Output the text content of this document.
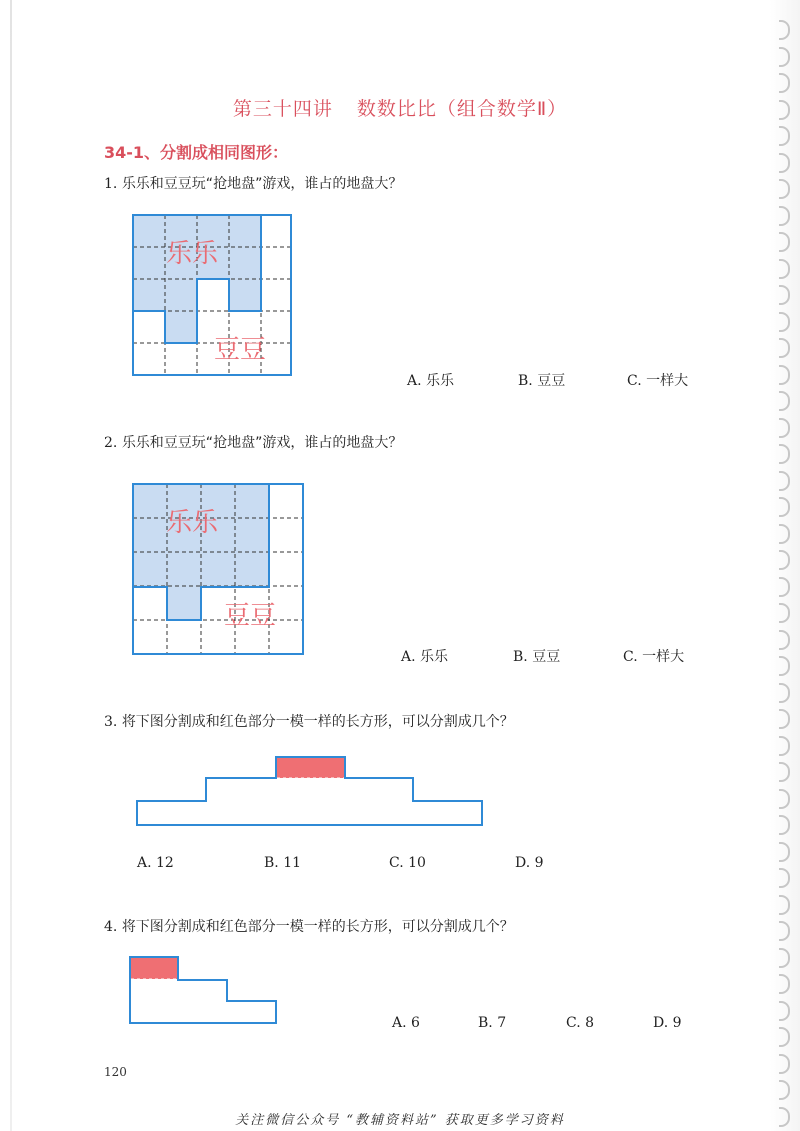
第三十四讲 数数比比（组合数学Ⅱ）
34-1、分割成相同图形：
1. 乐乐和豆豆玩“抢地盘”游戏，谁占的地盘大？
乐乐
豆豆
乐乐
豆豆
A. 乐乐	B. 豆豆	C. 一样大
2. 乐乐和豆豆玩“抢地盘”游戏，谁占的地盘大？
A. 乐乐	B. 豆豆	C. 一样大
3. 将下图分割成和红色部分一模一样的长方形，可以分割成几个？
A. 12	B. 11	C. 10	D. 9
4. 将下图分割成和红色部分一模一样的长方形，可以分割成几个？
A. 6	B. 7	C. 8	D. 9
120
关注微信公众号 “教辅资料站” 获取更多学习资料
